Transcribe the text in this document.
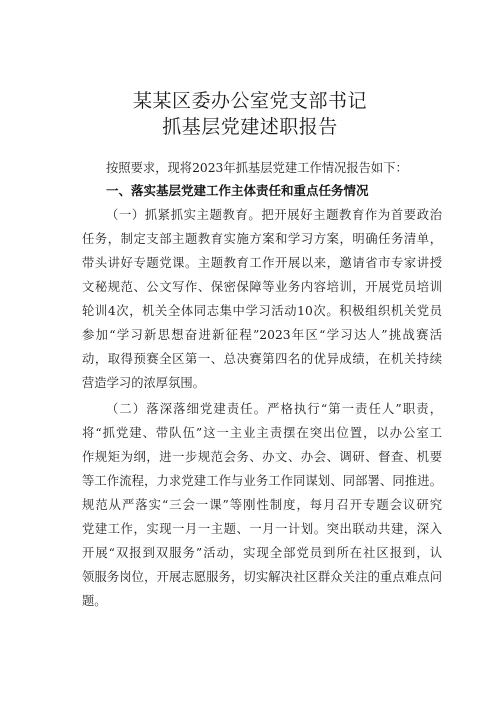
某某区委办公室党支部书记
抓基层党建述职报告
按照要求，现将2023年抓基层党建工作情况报告如下：
一、落实基层党建工作主体责任和重点任务情况
（一）抓紧抓实主题教育。把开展好主题教育作为首要政治
任务，制定支部主题教育实施方案和学习方案，明确任务清单，
带头讲好专题党课。主题教育工作开展以来，邀请省市专家讲授
文秘规范、公文写作、保密保障等业务内容培训，开展党员培训
轮训4次，机关全体同志集中学习活动10次。积极组织机关党员
参加“学习新思想奋进新征程”2023年区“学习达人”挑战赛活
动，取得预赛全区第一、总决赛第四名的优异成绩，在机关持续
营造学习的浓厚氛围。
（二）落深落细党建责任。严格执行“第一责任人”职责，
将“抓党建、带队伍”这一主业主责摆在突出位置，以办公室工
作规矩为纲，进一步规范会务、办文、办会、调研、督查、机要
等工作流程，力求党建工作与业务工作同谋划、同部署、同推进。
规范从严落实“三会一课”等刚性制度，每月召开专题会议研究
党建工作，实现一月一主题、一月一计划。突出联动共建，深入
开展“双报到双服务”活动，实现全部党员到所在社区报到，认
领服务岗位，开展志愿服务，切实解决社区群众关注的重点难点问
题。
